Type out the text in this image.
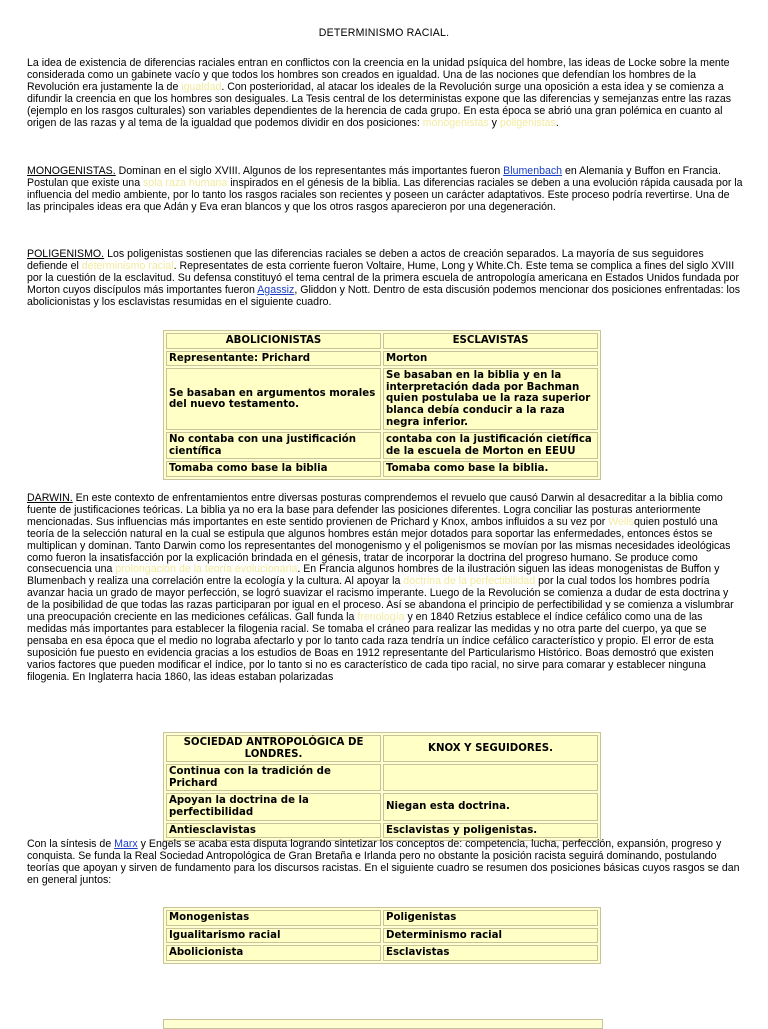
DETERMINISMO RACIAL.

La idea de existencia de diferencias raciales entran en conflictos con la creencia en la unidad psíquica del hombre, las ideas de Locke sobre la mente considerada como un gabinete vacío y que todos los hombres son creados en igualdad. Una de las nociones que defendían los hombres de la Revolución era justamente la de igualdad. Con posterioridad, al atacar los ideales de la Revolución surge una oposición a esta idea y se comienza a difundir la creencia en que los hombres son desiguales. La Tesis central de los deterministas expone que las diferencias y semejanzas entre las razas (ejemplo en los rasgos culturales) son variables dependientes de la herencia de cada grupo. En esta época se abrió una gran polémica en cuanto al origen de las razas y al tema de la igualdad que podemos dividir en dos posiciones: monogenistas y poligenistas.

MONOGENISTAS. Dominan en el siglo XVIII. Algunos de los representantes más importantes fueron Blumenbach en Alemania y Buffon en Francia. Postulan que existe una sola raza humana inspirados en el génesis de la biblia. Las diferencias raciales se deben a una evolución rápida causada por la influencia del medio ambiente, por lo tanto los rasgos raciales son recientes y poseen un carácter adaptativos. Este proceso podría revertirse. Una de las principales ideas era que Adán y Eva eran blancos y que los otros rasgos aparecieron por una degeneración.

POLIGENISMO. Los poligenistas sostienen que las diferencias raciales se deben a actos de creación separados. La mayoría de sus seguidores defiende el determinismo racial. Representates de esta corriente fueron Voltaire, Hume, Long y White.Ch. Este tema se complica a fines del siglo XVIII por la cuestión de la esclavitud. Su defensa constituyó el tema central de la primera escuela de antropología americana en Estados Unidos fundada por Morton cuyos discípulos más importantes fueron Agassiz, Gliddon y Nott. Dentro de esta discusión podemos mencionar dos posiciones enfrentadas: los abolicionistas y los esclavistas resumidas en el siguiente cuadro.

ABOLICIONISTAS	ESCLAVISTAS
Representante: Prichard	Morton
Se basaban en argumentos morales del nuevo testamento.	Se basaban en la biblia y en la interpretación dada por Bachman quien postulaba ue la raza superior blanca debía conducir a la raza negra inferior.
No contaba con una justificación científica	contaba con la justificación cietífica de la escuela de Morton en EEUU
Tomaba como base la biblia	Tomaba como base la biblia.

DARWIN. En este contexto de enfrentamientos entre diversas posturas comprendemos el revuelo que causó Darwin al desacreditar a la biblia como fuente de justificaciones teóricas. La biblia ya no era la base para defender las posiciones diferentes. Logra conciliar las posturas anteriormente mencionadas. Sus influencias más importantes en este sentido provienen de Prichard y Knox, ambos influidos a su vez por Wellsquien postuló una teoría de la selección natural en la cual se estipula que algunos hombres están mejor dotados para soportar las enfermedades, entonces éstos se multiplican y dominan. Tanto Darwin como los representantes del monogenismo y el poligenismos se movían por las mismas necesidades ideológicas como fueron la insatisfacción por la explicación brindada en el génesis, tratar de incorporar la doctrina del progreso humano. Se produce como consecuencia una prolongación de la teoría evolucionaria. En Francia algunos hombres de la ilustración siguen las ideas monogenistas de Buffon y Blumenbach y realiza una correlación entre la ecología y la cultura. Al apoyar la doctrina de la perfectibilidad por la cual todos los hombres podría avanzar hacia un grado de mayor perfección, se logró suavizar el racismo imperante. Luego de la Revolución se comienza a dudar de esta doctrina y de la posibilidad de que todas las razas participaran por igual en el proceso. Así se abandona el principio de perfectibilidad y se comienza a vislumbrar una preocupación creciente en las mediciones cefálicas. Gall funda la frenología y en 1840 Retzius establece el índice cefálico como una de las medidas más importantes para establecer la filogenia racial. Se tomaba el cráneo para realizar las medidas y no otra parte del cuerpo, ya que se pensaba en esa época que el medio no lograba afectarlo y por lo tanto cada raza tendría un índice cefálico característico y propio. El error de esta suposición fue puesto en evidencia gracias a los estudios de Boas en 1912 representante del Particularismo Histórico. Boas demostró que existen varios factores que pueden modificar el índice, por lo tanto si no es característico de cada tipo racial, no sirve para comarar y establecer ninguna filogenia. En Inglaterra hacia 1860, las ideas estaban polarizadas

SOCIEDAD ANTROPOLÓGICA DE LONDRES.	KNOX Y SEGUIDORES.
Continua con la tradición de Prichard	
Apoyan la doctrina de la perfectibilidad	Niegan esta doctrina.
Antiesclavistas	Esclavistas y poligenistas.

Con la síntesis de Marx y Engels se acaba esta disputa logrando sintetizar los conceptos de: competencia, lucha, perfección, expansión, progreso y conquista. Se funda la Real Sociedad Antropológica de Gran Bretaña e Irlanda pero no obstante la posición racista seguirá dominando, postulando teorías que apoyan y sirven de fundamento para los discursos racistas. En el siguiente cuadro se resumen dos posiciones básicas cuyos rasgos se dan en general juntos:

Monogenistas	Poligenistas
Igualitarismo racial	Determinismo racial
Abolicionista	Esclavistas
